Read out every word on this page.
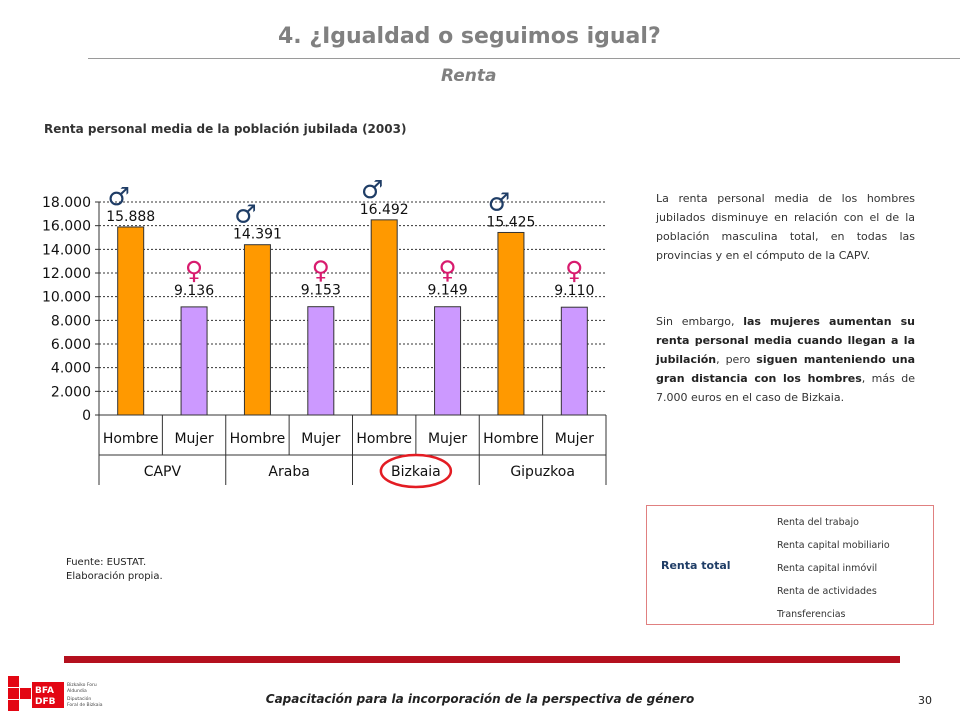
4. ¿Igualdad o seguimos igual?
Renta
Renta personal media de la población jubilada (2003)
0
2.000
4.000
6.000
8.000
10.000
12.000
14.000
16.000
18.000
15.888
♂
Hombre
9.136
♀
Mujer
CAPV
14.391
♂
Hombre
9.153
♀
Mujer
Araba
16.492
♂
Hombre
9.149
♀
Mujer
Bizkaia
15.425
♂
Hombre
9.110
♀
Mujer
Gipuzkoa
Fuente: EUSTAT.
Elaboración propia.

La renta personal media de los hombres jubilados disminuye en relación con el de la población masculina total, en todas las provincias y en el cómputo de la CAPV.

Sin embargo, las mujeres aumentan su renta personal media cuando llegan a la jubilación, pero siguen manteniendo una gran distancia con los hombres, más de 7.000 euros en el caso de Bizkaia.

Renta total
Renta del trabajo
Renta capital mobiliario
Renta capital inmóvil
Renta de actividades
Transferencias
BFA
DFB
Bizkaiko Foru
Aldundia
Diputación
Foral de Bizkaia	Capacitación para la incorporación de la perspectiva de género	30
